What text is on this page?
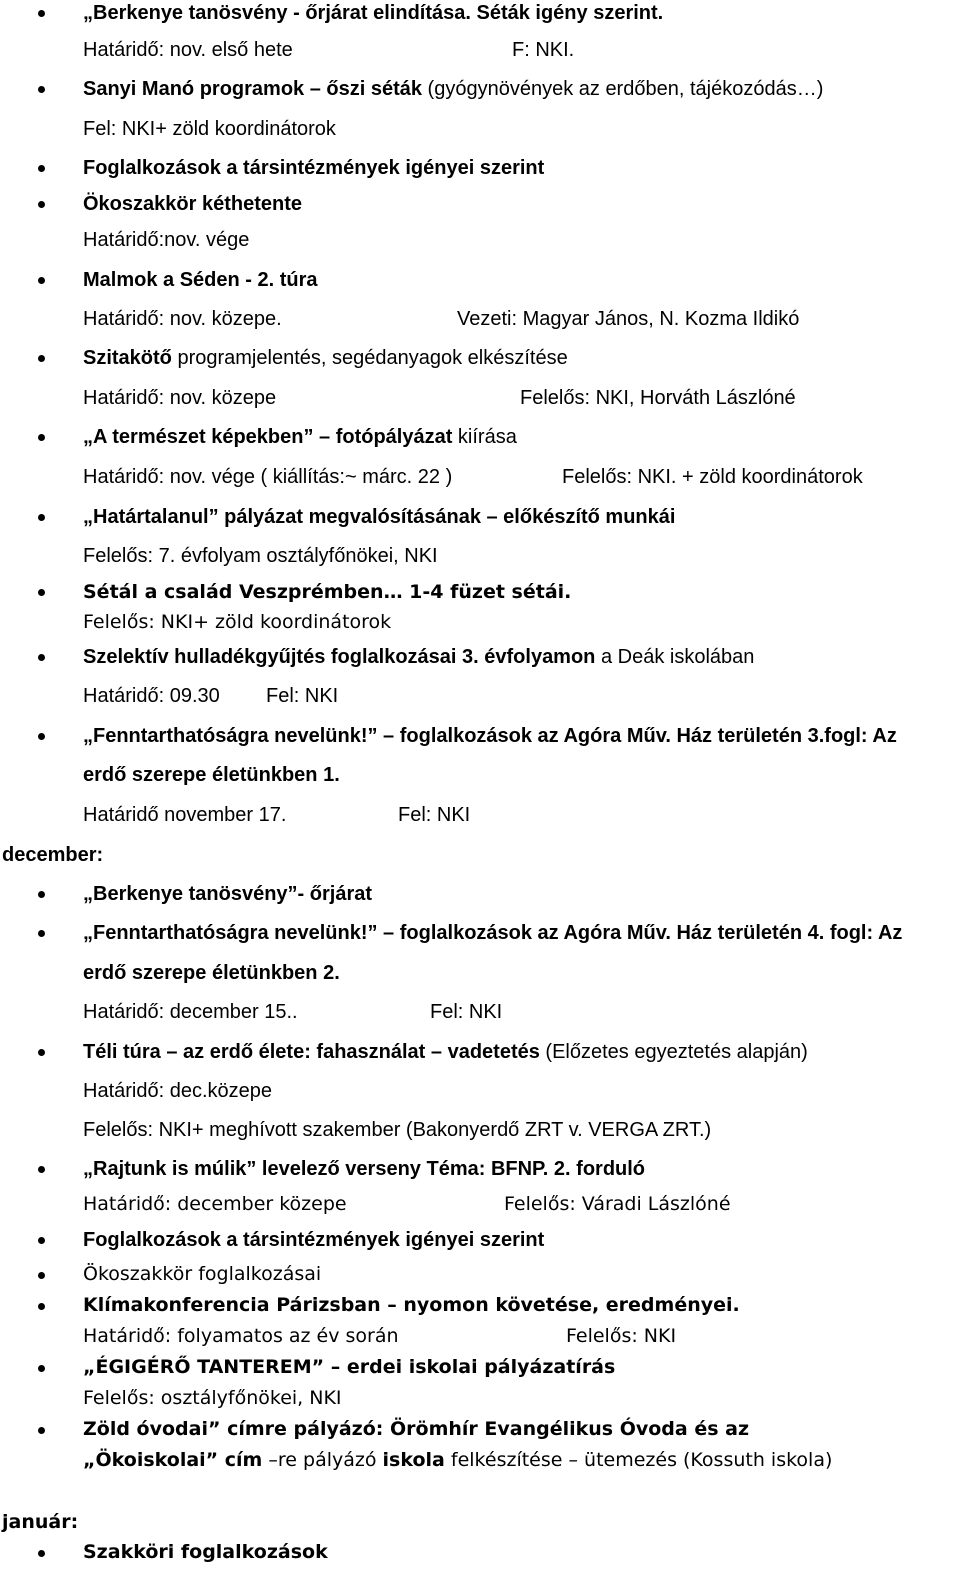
„Berkenye tanösvény - őrjárat elindítása. Séták igény szerint.
Határidő: nov. első hete	F: NKI.
Sanyi Manó programok – őszi séták (gyógynövények az erdőben, tájékozódás…)
Fel: NKI+ zöld koordinátorok
Foglalkozások a társintézmények igényei szerint
Ökoszakkör kéthetente
Határidő:nov. vége
Malmok a Séden - 2. túra
Határidő: nov. közepe.	Vezeti: Magyar János, N. Kozma Ildikó
Szitakötő programjelentés, segédanyagok elkészítése
Határidő: nov. közepe	Felelős: NKI, Horváth Lászlóné
„A természet képekben” – fotópályázat kiírása
Határidő: nov. vége ( kiállítás:~ márc. 22 )	Felelős: NKI. + zöld koordinátorok
„Határtalanul” pályázat megvalósításának – előkészítő munkái
Felelős: 7. évfolyam osztályfőnökei, NKI
Sétál a család Veszprémben… 1-4 füzet sétái.
Felelős: NKI+ zöld koordinátorok
Szelektív hulladékgyűjtés foglalkozásai 3. évfolyamon a Deák iskolában
Határidő: 09.30 Fel: NKI
„Fenntarthatóságra nevelünk!” – foglalkozások az Agóra Műv. Ház területén 3.fogl: Az
erdő szerepe életünkben 1.
Határidő november 17.	Fel: NKI
december:
„Berkenye tanösvény”- őrjárat
„Fenntarthatóságra nevelünk!” – foglalkozások az Agóra Műv. Ház területén 4. fogl: Az
erdő szerepe életünkben 2.
Határidő: december 15..	Fel: NKI
Téli túra – az erdő élete: fahasználat – vadetetés (Előzetes egyeztetés alapján)
Határidő: dec.közepe
Felelős: NKI+ meghívott szakember (Bakonyerdő ZRT v. VERGA ZRT.)
„Rajtunk is múlik” levelező verseny Téma: BFNP. 2. forduló
Határidő: december közepe	Felelős: Váradi Lászlóné
Foglalkozások a társintézmények igényei szerint
Ökoszakkör foglalkozásai
Klímakonferencia Párizsban – nyomon követése, eredményei.
Határidő: folyamatos az év során	Felelős: NKI
„ÉGIGÉRŐ TANTEREM” – erdei iskolai pályázatírás
Felelős: osztályfőnökei, NKI
Zöld óvodai” címre pályázó: Örömhír Evangélikus Óvoda és az
„Ökoiskolai” cím –re pályázó iskola felkészítése – ütemezés (Kossuth iskola)
január:
Szakköri foglalkozások
